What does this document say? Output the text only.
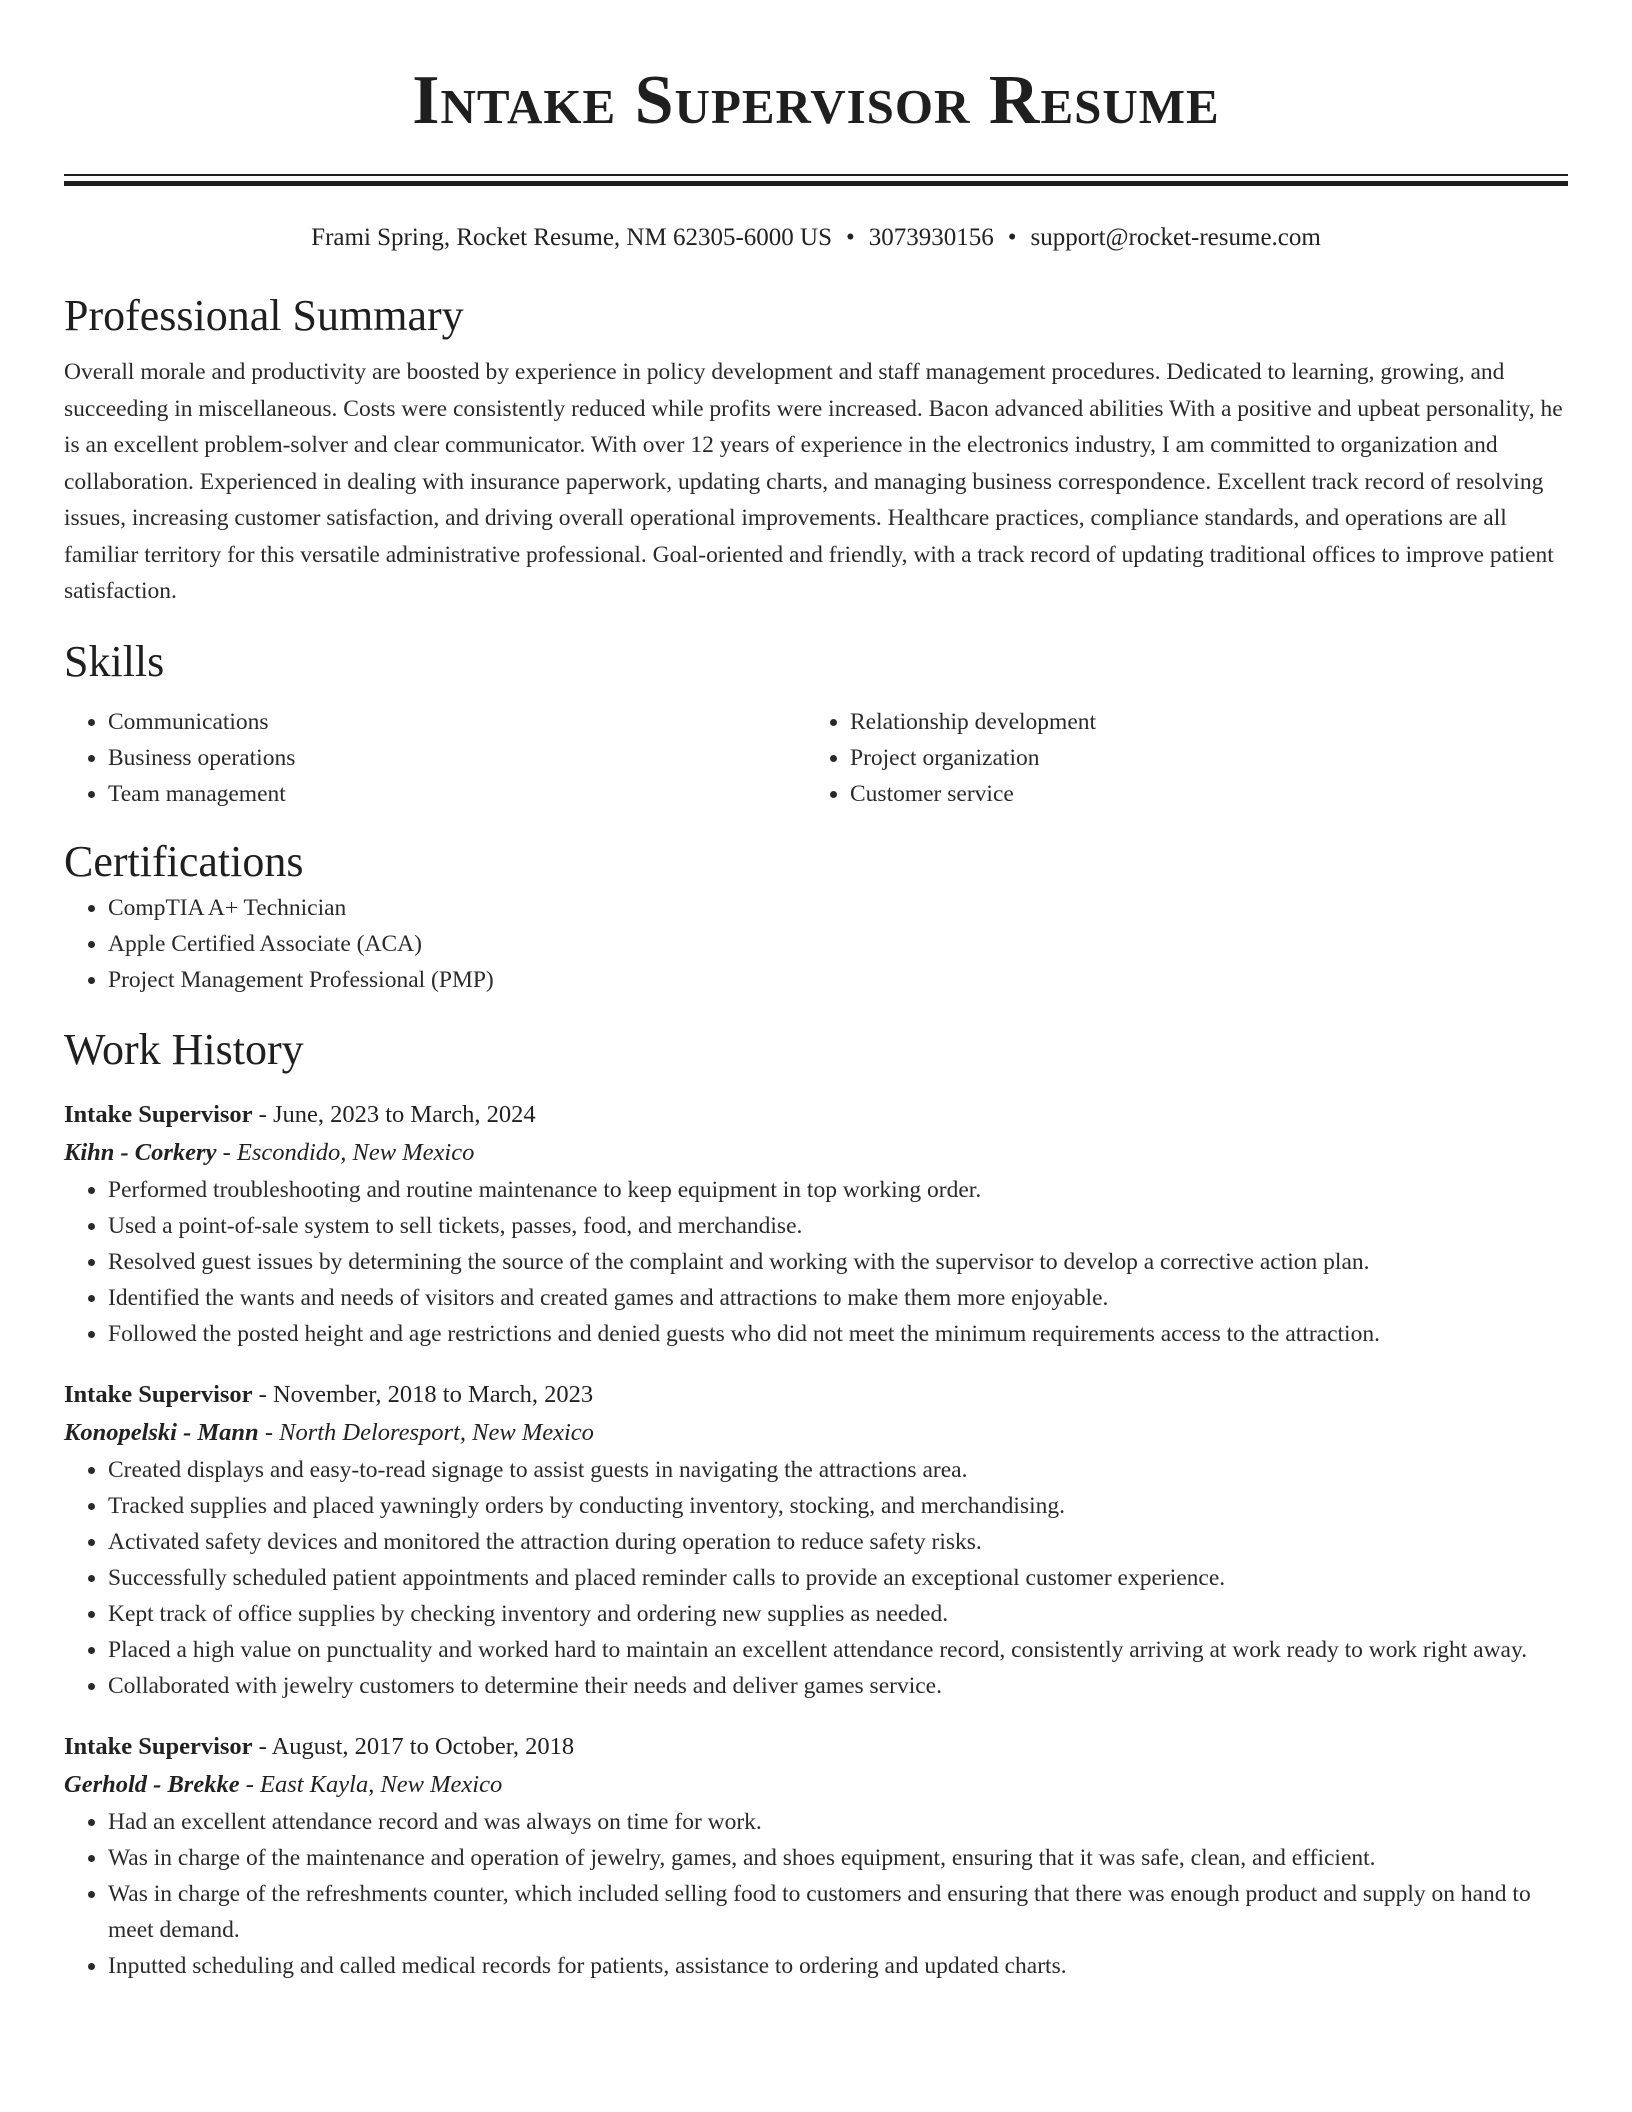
Intake Supervisor Resume
Frami Spring, Rocket Resume, NM 62305-6000 US • 3073930156 • support@rocket-resume.com
Professional Summary

Overall morale and productivity are boosted by experience in policy development and staff management procedures. Dedicated to learning, growing, and succeeding in miscellaneous. Costs were consistently reduced while profits were increased. Bacon advanced abilities With a positive and upbeat personality, he is an excellent problem-solver and clear communicator. With over 12 years of experience in the electronics industry, I am committed to organization and collaboration. Experienced in dealing with insurance paperwork, updating charts, and managing business correspondence. Excellent track record of resolving issues, increasing customer satisfaction, and driving overall operational improvements. Healthcare practices, compliance standards, and operations are all familiar territory for this versatile administrative professional. Goal-oriented and friendly, with a track record of updating traditional offices to improve patient satisfaction.

Skills
• Communications
• Business operations
• Team management
• Relationship development
• Project organization
• Customer service
Certifications
• CompTIA A+ Technician
• Apple Certified Associate (ACA)
• Project Management Professional (PMP)
Work History
Intake Supervisor - June, 2023 to March, 2024
Kihn - Corkery - Escondido, New Mexico
• Performed troubleshooting and routine maintenance to keep equipment in top working order.
• Used a point-of-sale system to sell tickets, passes, food, and merchandise.
• Resolved guest issues by determining the source of the complaint and working with the supervisor to develop a corrective action plan.
• Identified the wants and needs of visitors and created games and attractions to make them more enjoyable.
• Followed the posted height and age restrictions and denied guests who did not meet the minimum requirements access to the attraction.
Intake Supervisor - November, 2018 to March, 2023
Konopelski - Mann - North Deloresport, New Mexico
• Created displays and easy-to-read signage to assist guests in navigating the attractions area.
• Tracked supplies and placed yawningly orders by conducting inventory, stocking, and merchandising.
• Activated safety devices and monitored the attraction during operation to reduce safety risks.
• Successfully scheduled patient appointments and placed reminder calls to provide an exceptional customer experience.
• Kept track of office supplies by checking inventory and ordering new supplies as needed.
• Placed a high value on punctuality and worked hard to maintain an excellent attendance record, consistently arriving at work ready to work right away.
• Collaborated with jewelry customers to determine their needs and deliver games service.
Intake Supervisor - August, 2017 to October, 2018
Gerhold - Brekke - East Kayla, New Mexico
• Had an excellent attendance record and was always on time for work.
• Was in charge of the maintenance and operation of jewelry, games, and shoes equipment, ensuring that it was safe, clean, and efficient.
• Was in charge of the refreshments counter, which included selling food to customers and ensuring that there was enough product and supply on hand to meet demand.
• Inputted scheduling and called medical records for patients, assistance to ordering and updated charts.
